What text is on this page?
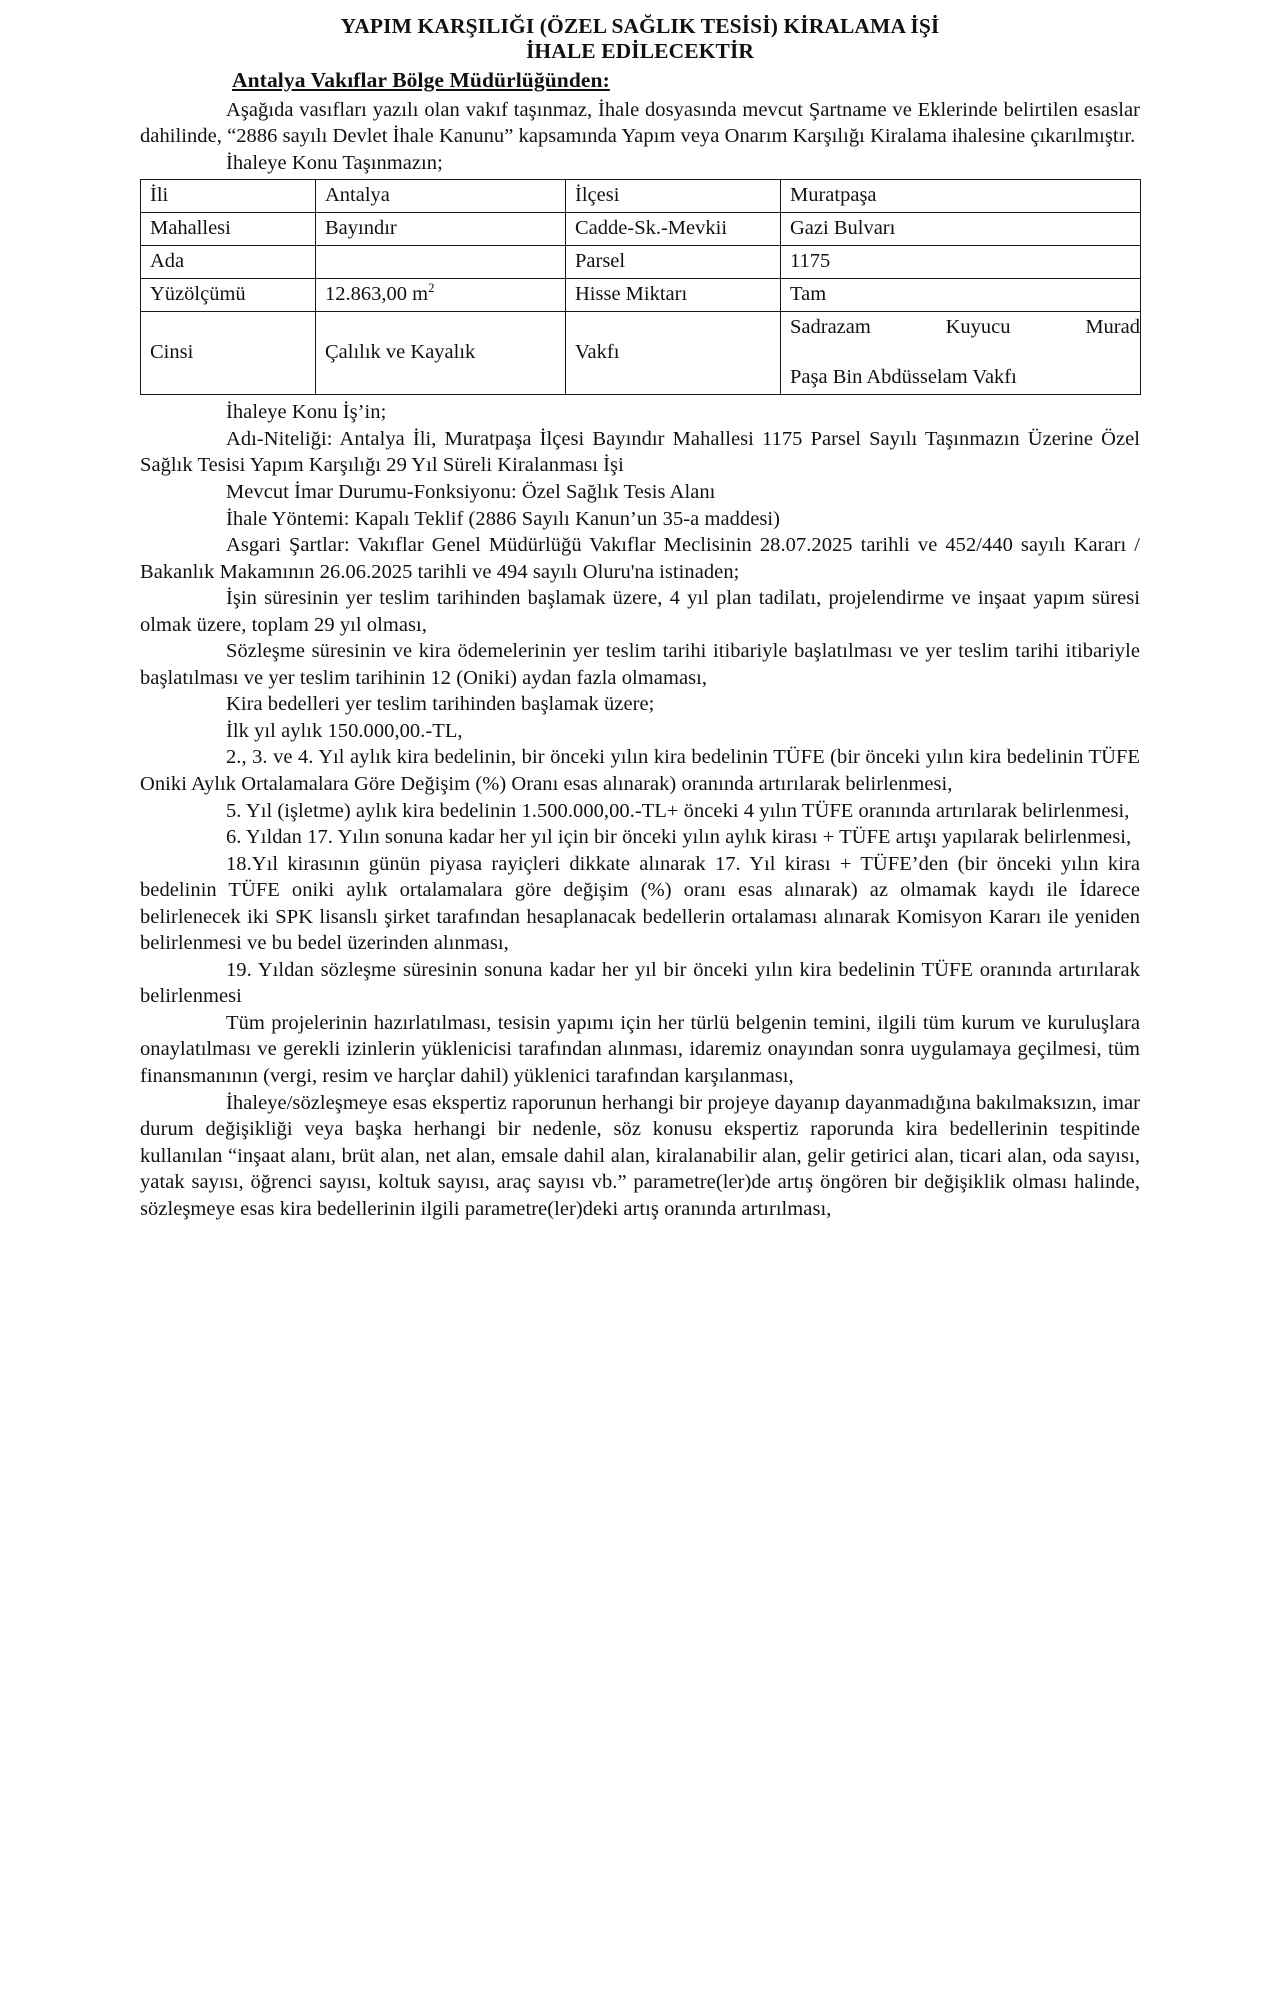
YAPIM KARŞILIĞI (ÖZEL SAĞLIK TESİSİ) KİRALAMA İŞİ
İHALE EDİLECEKTİR
Antalya Vakıflar Bölge Müdürlüğünden:

Aşağıda vasıfları yazılı olan vakıf taşınmaz, İhale dosyasında mevcut Şartname ve Eklerinde belirtilen esaslar dahilinde, “2886 sayılı Devlet İhale Kanunu” kapsamında Yapım veya Onarım Karşılığı Kiralama ihalesine çıkarılmıştır.

İhaleye Konu Taşınmazın;

İli	Antalya	İlçesi	Muratpaşa
Mahallesi	Bayındır	Cadde-Sk.-Mevkii	Gazi Bulvarı
Ada		Parsel	1175
Yüzölçümü	12.863,00 $m^2$	Hisse Miktarı	Tam
Cinsi	Çalılık ve Kayalık	Vakfı	Sadrazam Kuyucu Murad
Paşa Bin Abdüsselam Vakfı

İhaleye Konu İş’in;

Adı-Niteliği: Antalya İli, Muratpaşa İlçesi Bayındır Mahallesi 1175 Parsel Sayılı Taşınmazın Üzerine Özel Sağlık Tesisi Yapım Karşılığı 29 Yıl Süreli Kiralanması İşi

Mevcut İmar Durumu-Fonksiyonu: Özel Sağlık Tesis Alanı

İhale Yöntemi: Kapalı Teklif (2886 Sayılı Kanun’un 35-a maddesi)

Asgari Şartlar: Vakıflar Genel Müdürlüğü Vakıflar Meclisinin 28.07.2025 tarihli ve 452/440 sayılı Kararı / Bakanlık Makamının 26.06.2025 tarihli ve 494 sayılı Oluru'na istinaden;

İşin süresinin yer teslim tarihinden başlamak üzere, 4 yıl plan tadilatı, projelendirme ve inşaat yapım süresi olmak üzere, toplam 29 yıl olması,

Sözleşme süresinin ve kira ödemelerinin yer teslim tarihi itibariyle başlatılması ve yer teslim tarihi itibariyle başlatılması ve yer teslim tarihinin 12 (Oniki) aydan fazla olmaması,

Kira bedelleri yer teslim tarihinden başlamak üzere;

İlk yıl aylık 150.000,00.-TL,

2., 3. ve 4. Yıl aylık kira bedelinin, bir önceki yılın kira bedelinin TÜFE (bir önceki yılın kira bedelinin TÜFE Oniki Aylık Ortalamalara Göre Değişim (%) Oranı esas alınarak) oranında artırılarak belirlenmesi,

5. Yıl (işletme) aylık kira bedelinin 1.500.000,00.-TL+ önceki 4 yılın TÜFE oranında artırılarak belirlenmesi,

6. Yıldan 17. Yılın sonuna kadar her yıl için bir önceki yılın aylık kirası + TÜFE artışı yapılarak belirlenmesi,

18.Yıl kirasının günün piyasa rayiçleri dikkate alınarak 17. Yıl kirası + TÜFE’den (bir önceki yılın kira bedelinin TÜFE oniki aylık ortalamalara göre değişim (%) oranı esas alınarak) az olmamak kaydı ile İdarece belirlenecek iki SPK lisanslı şirket tarafından hesaplanacak bedellerin ortalaması alınarak Komisyon Kararı ile yeniden belirlenmesi ve bu bedel üzerinden alınması,

19. Yıldan sözleşme süresinin sonuna kadar her yıl bir önceki yılın kira bedelinin TÜFE oranında artırılarak belirlenmesi

Tüm projelerinin hazırlatılması, tesisin yapımı için her türlü belgenin temini, ilgili tüm kurum ve kuruluşlara onaylatılması ve gerekli izinlerin yüklenicisi tarafından alınması, idaremiz onayından sonra uygulamaya geçilmesi, tüm finansmanının (vergi, resim ve harçlar dahil) yüklenici tarafından karşılanması,

İhaleye/sözleşmeye esas ekspertiz raporunun herhangi bir projeye dayanıp dayanmadığına bakılmaksızın, imar durum değişikliği veya başka herhangi bir nedenle, söz konusu ekspertiz raporunda kira bedellerinin tespitinde kullanılan “inşaat alanı, brüt alan, net alan, emsale dahil alan, kiralanabilir alan, gelir getirici alan, ticari alan, oda sayısı, yatak sayısı, öğrenci sayısı, koltuk sayısı, araç sayısı vb.” parametre(ler)de artış öngören bir değişiklik olması halinde, sözleşmeye esas kira bedellerinin ilgili parametre(ler)deki artış oranında artırılması,
